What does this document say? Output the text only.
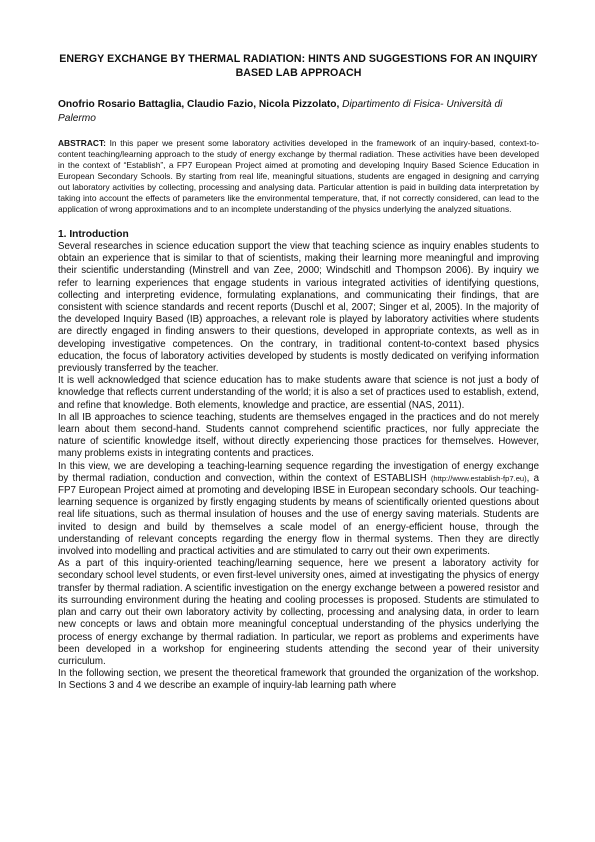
ENERGY EXCHANGE BY THERMAL RADIATION: HINTS AND SUGGESTIONS FOR AN INQUIRY BASED LAB APPROACH

Onofrio Rosario Battaglia, Claudio Fazio, Nicola Pizzolato, Dipartimento di Fisica- Università di Palermo

ABSTRACT: In this paper we present some laboratory activities developed in the framework of an inquiry-based, context-to-content teaching/learning approach to the study of energy exchange by thermal radiation. These activities have been developed in the context of “Establish”, a FP7 European Project aimed at promoting and developing Inquiry Based Science Education in European Secondary Schools. By starting from real life, meaningful situations, students are engaged in designing and carrying out laboratory activities by collecting, processing and analysing data. Particular attention is paid in building data interpretation by taking into account the effects of parameters like the environmental temperature, that, if not correctly considered, can lead to the application of wrong approximations and to an incomplete understanding of the physics underlying the analyzed situations.

1. Introduction

Several researches in science education support the view that teaching science as inquiry enables students to obtain an experience that is similar to that of scientists, making their learning more meaningful and improving their scientific understanding (Minstrell and van Zee, 2000; Windschitl and Thompson 2006). By inquiry we refer to learning experiences that engage students in various integrated activities of identifying questions, collecting and interpreting evidence, formulating explanations, and communicating their findings, that are consistent with science standards and recent reports (Duschl et al, 2007; Singer et al, 2005). In the majority of the developed Inquiry Based (IB) approaches, a relevant role is played by laboratory activities where students are directly engaged in finding answers to their questions, developed in appropriate contexts, as well as in developing investigative competences. On the contrary, in traditional content-to-context based physics education, the focus of laboratory activities developed by students is mostly dedicated on verifying information previously transferred by the teacher.

It is well acknowledged that science education has to make students aware that science is not just a body of knowledge that reflects current understanding of the world; it is also a set of practices used to establish, extend, and refine that knowledge. Both elements, knowledge and practice, are essential (NAS, 2011).

In all IB approaches to science teaching, students are themselves engaged in the practices and do not merely learn about them second-hand. Students cannot comprehend scientific practices, nor fully appreciate the nature of scientific knowledge itself, without directly experiencing those practices for themselves. However, many problems exists in integrating contents and practices.

In this view, we are developing a teaching-learning sequence regarding the investigation of energy exchange by thermal radiation, conduction and convection, within the context of ESTABLISH (http://www.establish-fp7.eu), a FP7 European Project aimed at promoting and developing IBSE in European secondary schools. Our teaching-learning sequence is organized by firstly engaging students by means of scientifically oriented questions about real life situations, such as thermal insulation of houses and the use of energy saving materials. Students are invited to design and build by themselves a scale model of an energy-efficient house, through the understanding of relevant concepts regarding the energy flow in thermal systems. Then they are directly involved into modelling and practical activities and are stimulated to carry out their own experiments.

As a part of this inquiry-oriented teaching/learning sequence, here we present a laboratory activity for secondary school level students, or even first-level university ones, aimed at investigating the physics of energy transfer by thermal radiation. A scientific investigation on the energy exchange between a powered resistor and its surrounding environment during the heating and cooling processes is proposed. Students are stimulated to plan and carry out their own laboratory activity by collecting, processing and analysing data, in order to learn new concepts or laws and obtain more meaningful conceptual understanding of the physics underlying the process of energy exchange by thermal radiation. In particular, we report as problems and experiments have been developed in a workshop for engineering students attending the second year of their university curriculum.

In the following section, we present the theoretical framework that grounded the organization of the workshop. In Sections 3 and 4 we describe an example of inquiry-lab learning path where
